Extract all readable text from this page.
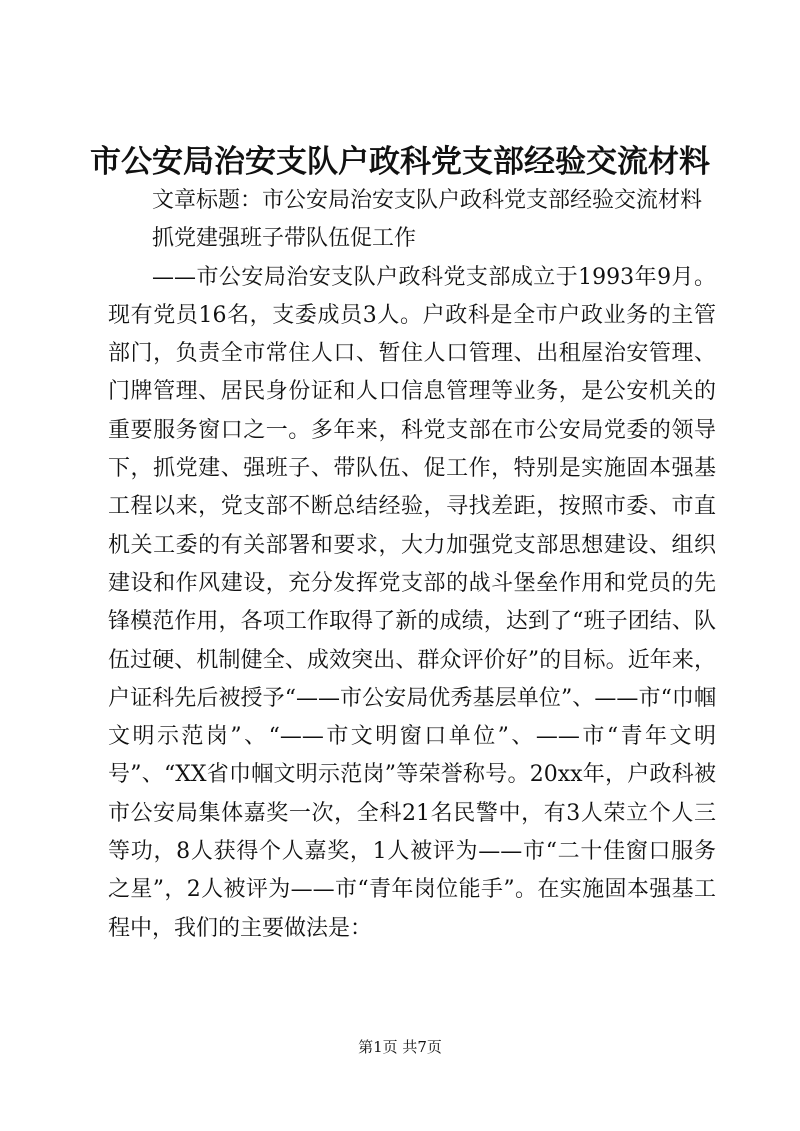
市公安局治安支队户政科党支部经验交流材料

文章标题：市公安局治安支队户政科党支部经验交流材料

抓党建强班子带队伍促工作

——市公安局治安支队户政科党支部成立于1993年9月。现有党员16名，支委成员3人。户政科是全市户政业务的主管部门，负责全市常住人口、暂住人口管理、出租屋治安管理、门牌管理、居民身份证和人口信息管理等业务，是公安机关的重要服务窗口之一。多年来，科党支部在市公安局党委的领导下，抓党建、强班子、带队伍、促工作，特别是实施固本强基工程以来，党支部不断总结经验，寻找差距，按照市委、市直机关工委的有关部署和要求，大力加强党支部思想建设、组织建设和作风建设，充分发挥党支部的战斗堡垒作用和党员的先锋模范作用，各项工作取得了新的成绩，达到了“班子团结、队伍过硬、机制健全、成效突出、群众评价好”的目标。近年来，户证科先后被授予“——市公安局优秀基层单位”、——市“巾帼文明示范岗”、“——市文明窗口单位”、——市“青年文明号”、“XX省巾帼文明示范岗”等荣誉称号。20xx年，户政科被市公安局集体嘉奖一次，全科21名民警中，有3人荣立个人三等功，8人获得个人嘉奖，1人被评为——市“二十佳窗口服务之星”，2人被评为——市“青年岗位能手”。在实施固本强基工程中，我们的主要做法是：

第1页 共7页
